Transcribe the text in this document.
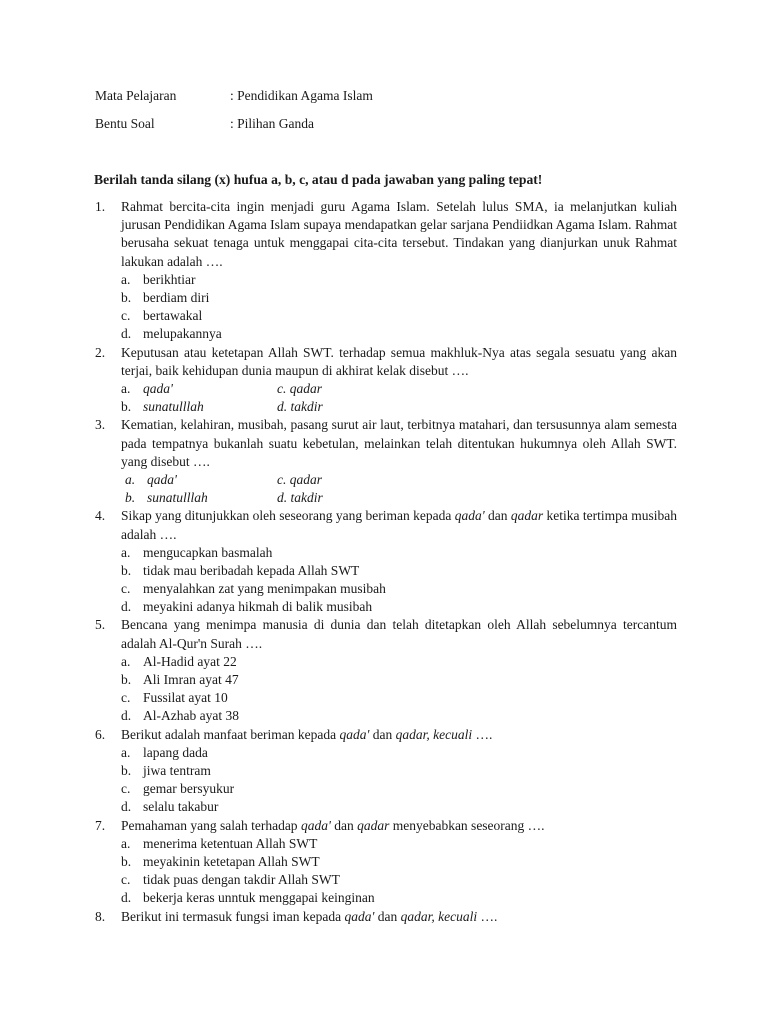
Mata Pelajaran	: Pendidikan Agama Islam
Bentu Soal	: Pilihan Ganda
Berilah tanda silang (x) hufua a, b, c, atau d pada jawaban yang paling tepat!
1. Rahmat bercita-cita ingin menjadi guru Agama Islam. Setelah lulus SMA, ia melanjutkan kuliah jurusan Pendidikan Agama Islam supaya mendapatkan gelar sarjana Pendiidkan Agama Islam. Rahmat berusaha sekuat tenaga untuk menggapai cita-cita tersebut. Tindakan yang dianjurkan unuk Rahmat lakukan adalah ….
a. berikhtiar
b. berdiam diri
c. bertawakal
d. melupakannya
2. Keputusan atau ketetapan Allah SWT. terhadap semua makhluk-Nya atas segala sesuatu yang akan terjai, baik kehidupan dunia maupun di akhirat kelak disebut ….
a. qada'	c. qadar
b. sunatulllah	d. takdir
3. Kematian, kelahiran, musibah, pasang surut air laut, terbitnya matahari, dan tersusunnya alam semesta pada tempatnya bukanlah suatu kebetulan, melainkan telah ditentukan hukumnya oleh Allah SWT. yang disebut ….
a. qada'	c. qadar
b. sunatulllah	d. takdir
4. Sikap yang ditunjukkan oleh seseorang yang beriman kepada qada' dan qadar ketika tertimpa musibah adalah ….
a. mengucapkan basmalah
b. tidak mau beribadah kepada Allah SWT
c. menyalahkan zat yang menimpakan musibah
d. meyakini adanya hikmah di balik musibah
5. Bencana yang menimpa manusia di dunia dan telah ditetapkan oleh Allah sebelumnya tercantum adalah Al-Qur'n Surah ….
a. Al-Hadid ayat 22
b. Ali Imran ayat 47
c. Fussilat ayat 10
d. Al-Azhab ayat 38
6. Berikut adalah manfaat beriman kepada qada' dan qadar, kecuali ….
a. lapang dada
b. jiwa tentram
c. gemar bersyukur
d. selalu takabur
7. Pemahaman yang salah terhadap qada' dan qadar menyebabkan seseorang ….
a. menerima ketentuan Allah SWT
b. meyakinin ketetapan Allah SWT
c. tidak puas dengan takdir Allah SWT
d. bekerja keras unntuk menggapai keinginan
8. Berikut ini termasuk fungsi iman kepada qada' dan qadar, kecuali ….
